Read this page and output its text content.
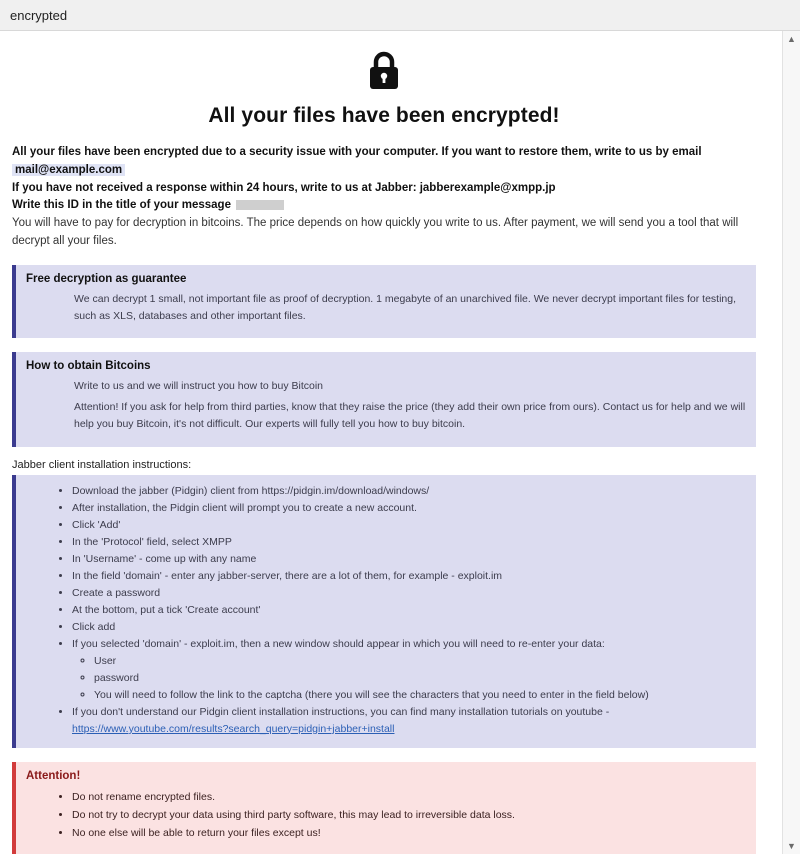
encrypted
All your files have been encrypted!
All your files have been encrypted due to a security issue with your computer. If you want to restore them, write to us by email mail@example.com
If you have not received a response within 24 hours, write to us at Jabber: jabberexample@xmpp.jp
Write this ID in the title of your message
You will have to pay for decryption in bitcoins. The price depends on how quickly you write to us. After payment, we will send you a tool that will decrypt all your files.
Free decryption as guarantee

We can decrypt 1 small, not important file as proof of decryption. 1 megabyte of an unarchived file. We never decrypt important files for testing, such as XLS, databases and other important files.

How to obtain Bitcoins

Write to us and we will instruct you how to buy Bitcoin

Attention! If you ask for help from third parties, know that they raise the price (they add their own price from ours). Contact us for help and we will help you buy Bitcoin, it's not difficult. Our experts will fully tell you how to buy bitcoin.

Jabber client installation instructions:
• Download the jabber (Pidgin) client from https://pidgin.im/download/windows/
• After installation, the Pidgin client will prompt you to create a new account.
• Click 'Add'
• In the 'Protocol' field, select XMPP
• In 'Username' - come up with any name
• In the field 'domain' - enter any jabber-server, there are a lot of them, for example - exploit.im
• Create a password
• At the bottom, put a tick 'Create account'
• Click add
• If you selected 'domain' - exploit.im, then a new window should appear in which you will need to re-enter your data:
◦ User
◦ password
◦ You will need to follow the link to the captcha (there you will see the characters that you need to enter in the field below)
• If you don't understand our Pidgin client installation instructions, you can find many installation tutorials on youtube - https://www.youtube.com/results?search_query=pidgin+jabber+install
Attention!
• Do not rename encrypted files.
• Do not try to decrypt your data using third party software, this may lead to irreversible data loss.
• No one else will be able to return your files except us!
▲
▼
